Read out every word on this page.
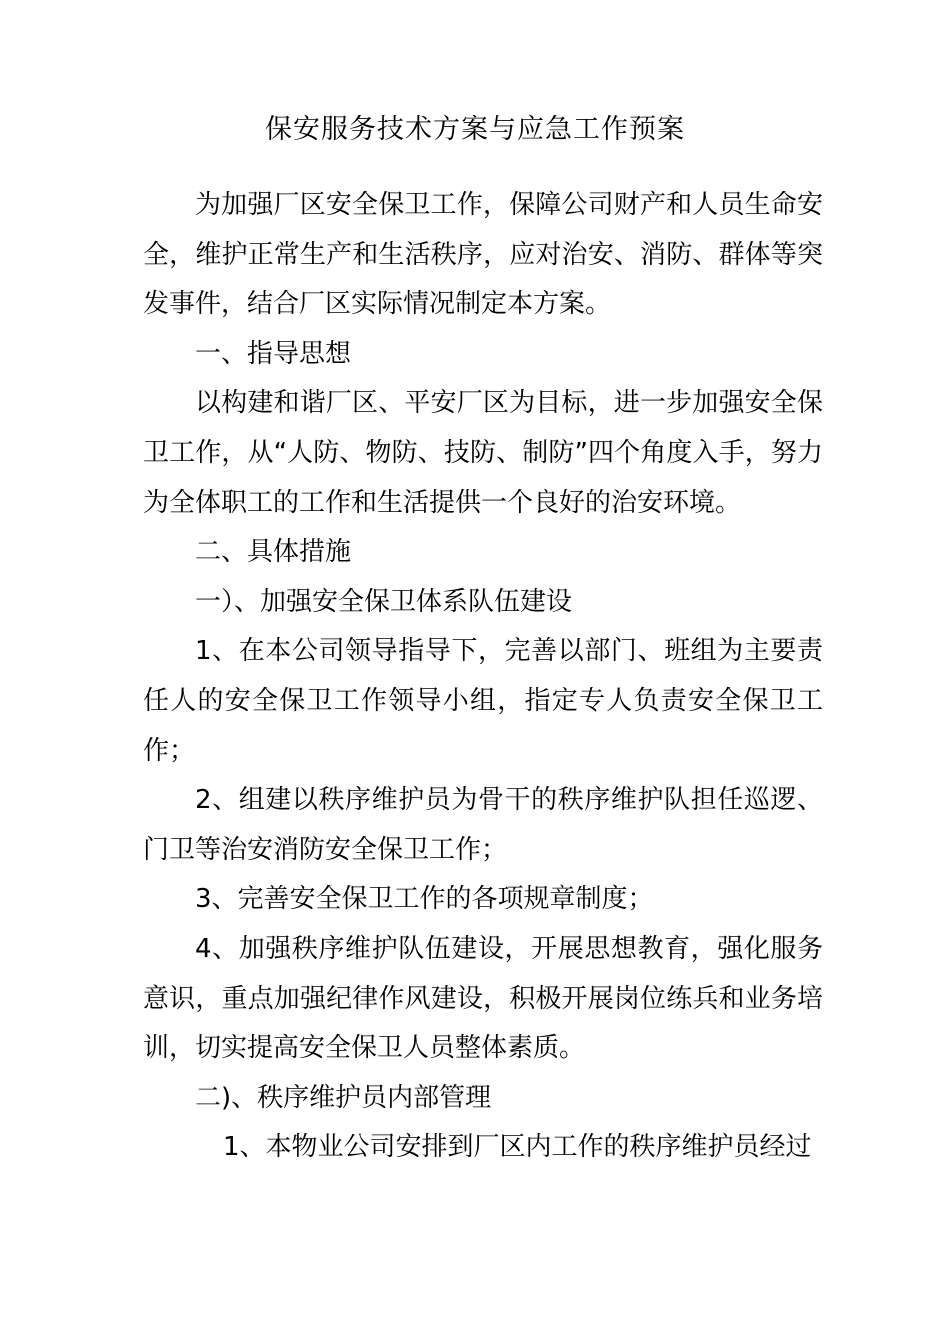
保安服务技术方案与应急工作预案

为加强厂区安全保卫工作，保障公司财产和人员生命安全，维护正常生产和生活秩序，应对治安、消防、群体等突发事件，结合厂区实际情况制定本方案。

一、指导思想

以构建和谐厂区、平安厂区为目标，进一步加强安全保卫工作，从“人防、物防、技防、制防”四个角度入手，努力为全体职工的工作和生活提供一个良好的治安环境。

二、具体措施

一）、加强安全保卫体系队伍建设

1、在本公司领导指导下，完善以部门、班组为主要责任人的安全保卫工作领导小组，指定专人负责安全保卫工作；

2、组建以秩序维护员为骨干的秩序维护队担任巡逻、门卫等治安消防安全保卫工作；

3、完善安全保卫工作的各项规章制度；

4、加强秩序维护队伍建设，开展思想教育，强化服务意识，重点加强纪律作风建设，积极开展岗位练兵和业务培训，切实提高安全保卫人员整体素质。

二)、秩序维护员内部管理

1、本物业公司安排到厂区内工作的秩序维护员经过
